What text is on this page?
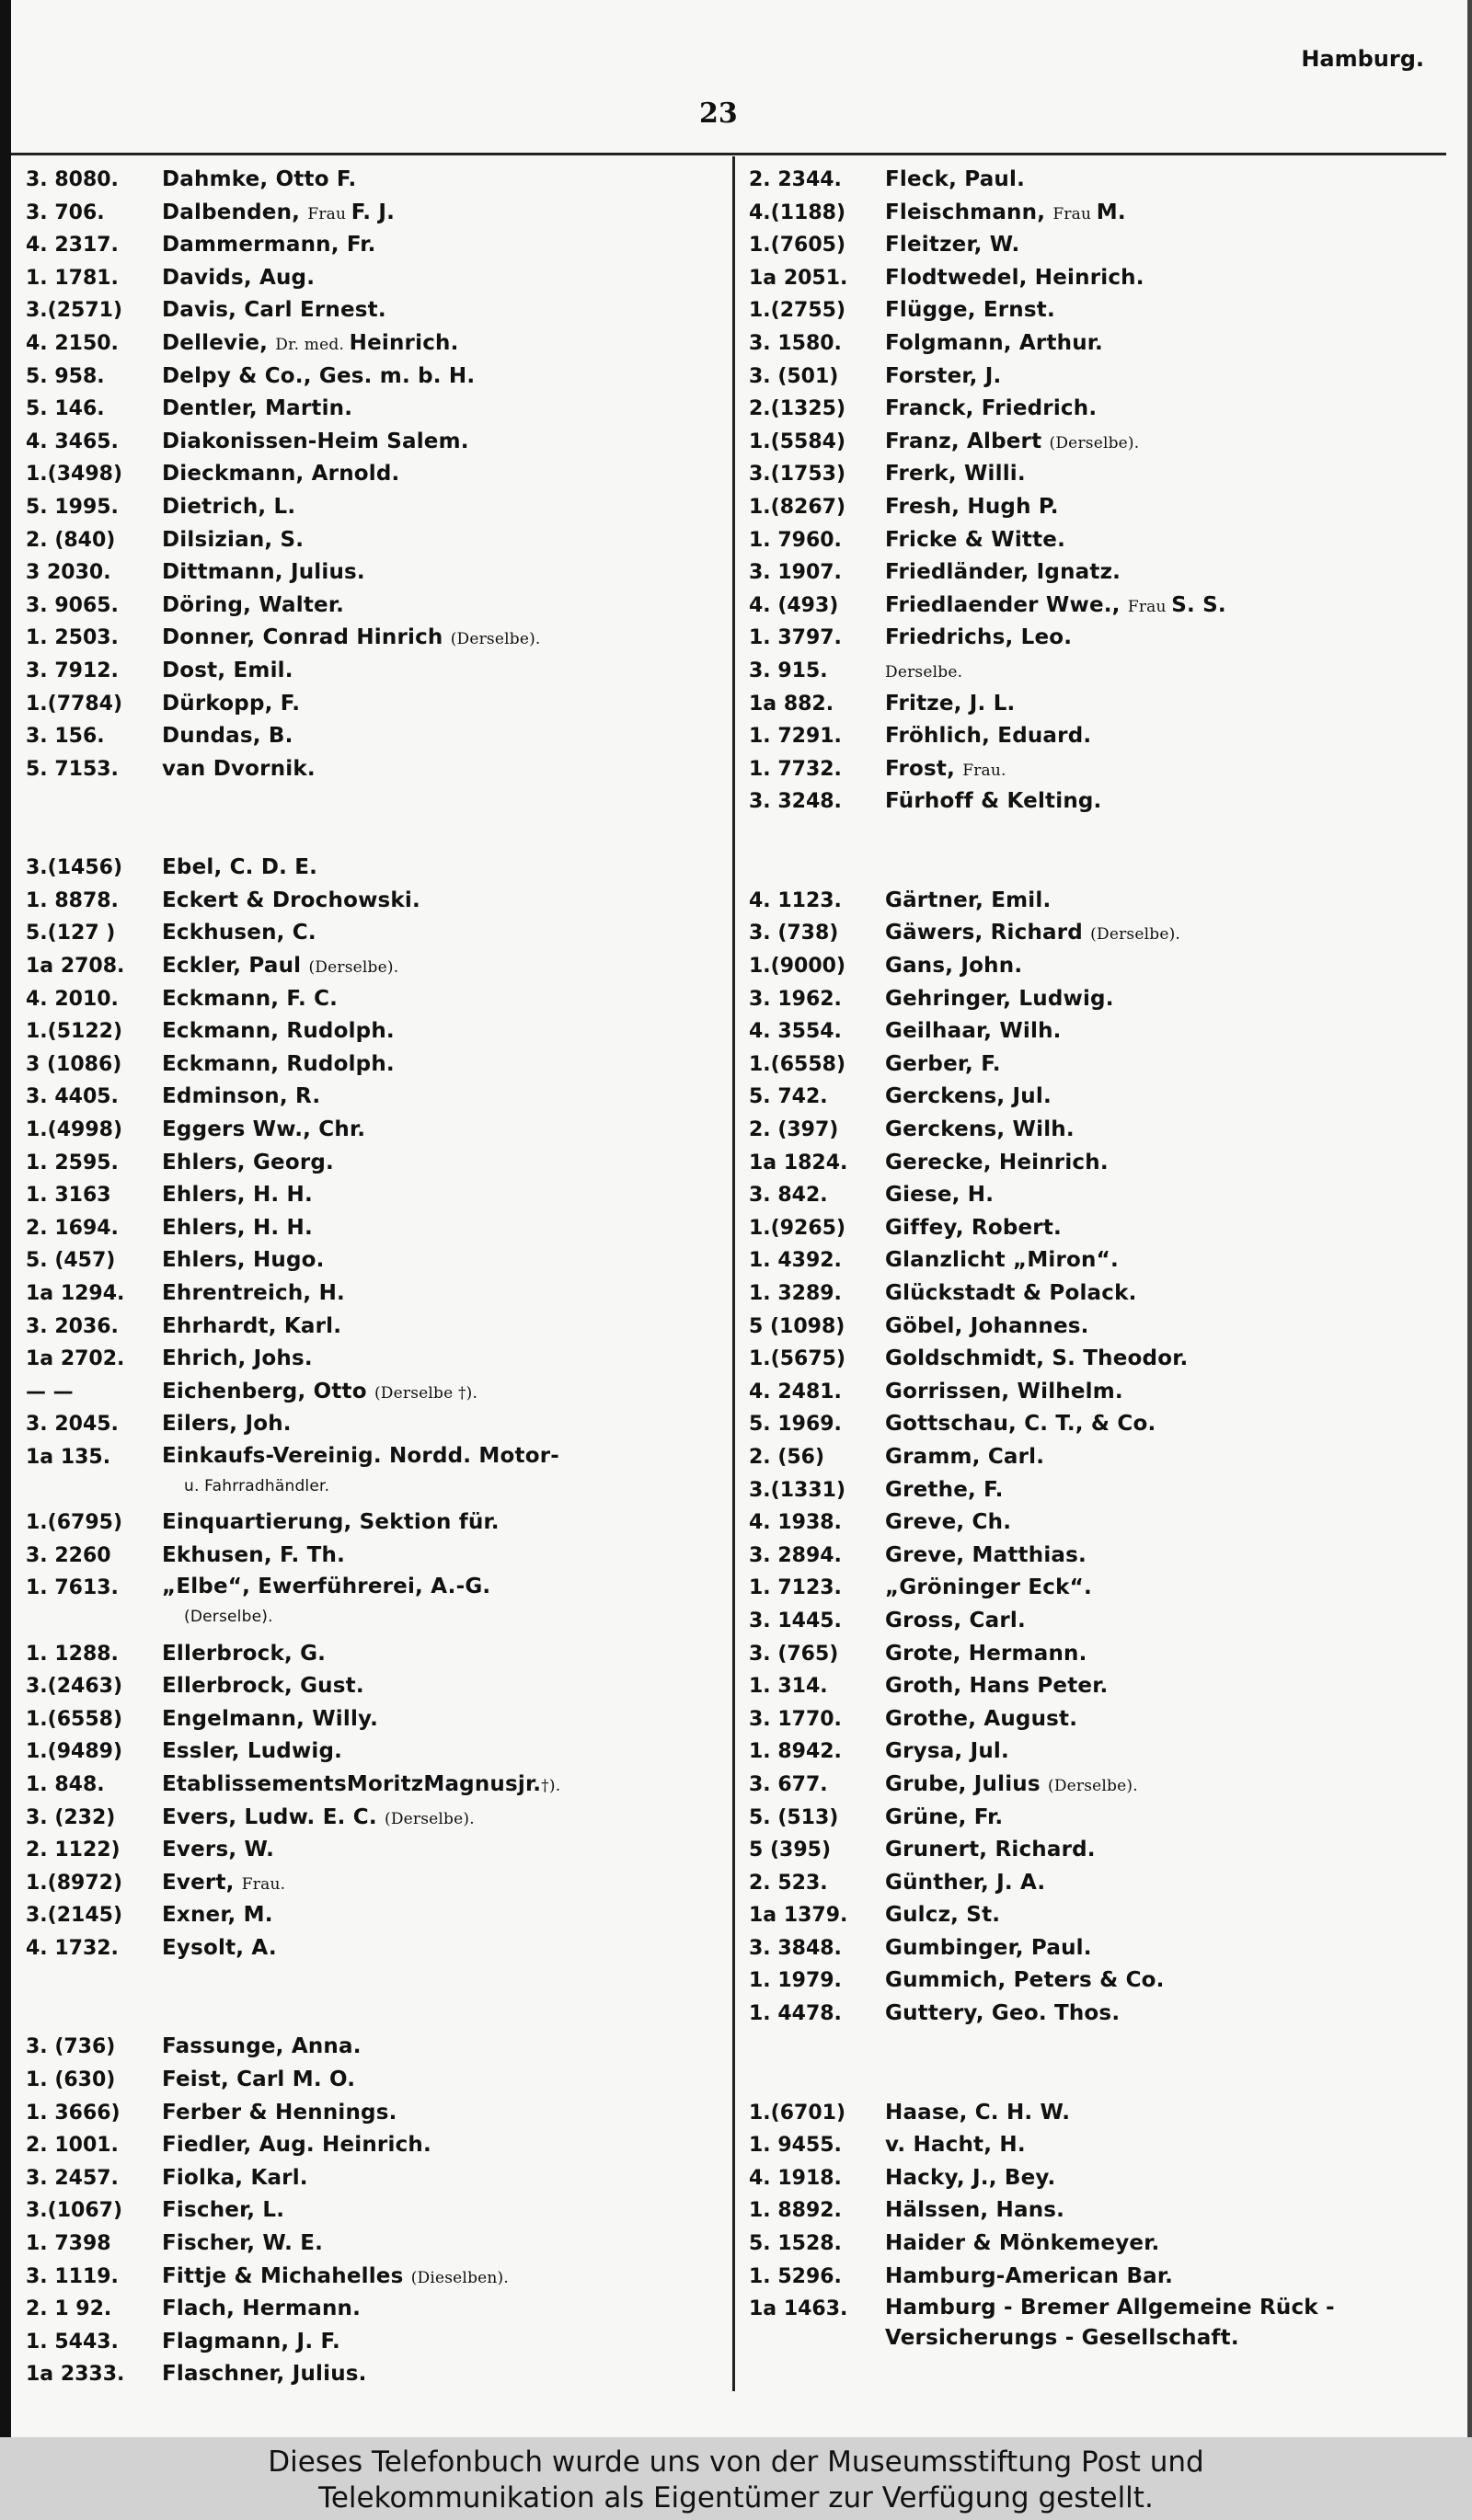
Hamburg.
23
3. 8080.	Dahmke, Otto F.
3. 706.	Dalbenden, Frau F. J.
4. 2317.	Dammermann, Fr.
1. 1781.	Davids, Aug.
3.(2571)	Davis, Carl Ernest.
4. 2150.	Dellevie, Dr. med. Heinrich.
5. 958.	Delpy & Co., Ges. m. b. H.
5. 146.	Dentler, Martin.
4. 3465.	Diakonissen-Heim Salem.
1.(3498)	Dieckmann, Arnold.
5. 1995.	Dietrich, L.
2. (840)	Dilsizian, S.
3 2030.	Dittmann, Julius.
3. 9065.	Döring, Walter.
1. 2503.	Donner, Conrad Hinrich (Derselbe).
3. 7912.	Dost, Emil.
1.(7784)	Dürkopp, F.
3. 156.	Dundas, B.
5. 7153.	van Dvornik.
3.(1456)	Ebel, C. D. E.
1. 8878.	Eckert & Drochowski.
5.(127 )	Eckhusen, C.
1a 2708.	Eckler, Paul (Derselbe).
4. 2010.	Eckmann, F. C.
1.(5122)	Eckmann, Rudolph.
3 (1086)	Eckmann, Rudolph.
3. 4405.	Edminson, R.
1.(4998)	Eggers Ww., Chr.
1. 2595.	Ehlers, Georg.
1. 3163	Ehlers, H. H.
2. 1694.	Ehlers, H. H.
5. (457)	Ehlers, Hugo.
1a 1294.	Ehrentreich, H.
3. 2036.	Ehrhardt, Karl.
1a 2702.	Ehrich, Johs.
— —	Eichenberg, Otto (Derselbe †).
3. 2045.	Eilers, Joh.
1a 135.	Einkaufs-Vereinig. Nordd. Motor-
u. Fahrradhändler.
1.(6795)	Einquartierung, Sektion für.
3. 2260	Ekhusen, F. Th.
1. 7613.	„Elbe“, Ewerführerei, A.-G.
(Derselbe).
1. 1288.	Ellerbrock, G.
3.(2463)	Ellerbrock, Gust.
1.(6558)	Engelmann, Willy.
1.(9489)	Essler, Ludwig.
1. 848.	EtablissementsMoritzMagnusjr.†).
3. (232)	Evers, Ludw. E. C. (Derselbe).
2. 1122)	Evers, W.
1.(8972)	Evert, Frau.
3.(2145)	Exner, M.
4. 1732.	Eysolt, A.
3. (736)	Fassunge, Anna.
1. (630)	Feist, Carl M. O.
1. 3666)	Ferber & Hennings.
2. 1001.	Fiedler, Aug. Heinrich.
3. 2457.	Fiolka, Karl.
3.(1067)	Fischer, L.
1. 7398	Fischer, W. E.
3. 1119.	Fittje & Michahelles (Dieselben).
2. 1 92.	Flach, Hermann.
1. 5443.	Flagmann, J. F.
1a 2333.	Flaschner, Julius.
2. 2344.	Fleck, Paul.
4.(1188)	Fleischmann, Frau M.
1.(7605)	Fleitzer, W.
1a 2051.	Flodtwedel, Heinrich.
1.(2755)	Flügge, Ernst.
3. 1580.	Folgmann, Arthur.
3. (501)	Forster, J.
2.(1325)	Franck, Friedrich.
1.(5584)	Franz, Albert (Derselbe).
3.(1753)	Frerk, Willi.
1.(8267)	Fresh, Hugh P.
1. 7960.	Fricke & Witte.
3. 1907.	Friedländer, Ignatz.
4. (493)	Friedlaender Wwe., Frau S. S.
1. 3797.	Friedrichs, Leo.
3. 915.	Derselbe.
1a 882.	Fritze, J. L.
1. 7291.	Fröhlich, Eduard.
1. 7732.	Frost, Frau.
3. 3248.	Fürhoff & Kelting.
4. 1123.	Gärtner, Emil.
3. (738)	Gäwers, Richard (Derselbe).
1.(9000)	Gans, John.
3. 1962.	Gehringer, Ludwig.
4. 3554.	Geilhaar, Wilh.
1.(6558)	Gerber, F.
5. 742.	Gerckens, Jul.
2. (397)	Gerckens, Wilh.
1a 1824.	Gerecke, Heinrich.
3. 842.	Giese, H.
1.(9265)	Giffey, Robert.
1. 4392.	Glanzlicht „Miron“.
1. 3289.	Glückstadt & Polack.
5 (1098)	Göbel, Johannes.
1.(5675)	Goldschmidt, S. Theodor.
4. 2481.	Gorrissen, Wilhelm.
5. 1969.	Gottschau, C. T., & Co.
2. (56)	Gramm, Carl.
3.(1331)	Grethe, F.
4. 1938.	Greve, Ch.
3. 2894.	Greve, Matthias.
1. 7123.	„Gröninger Eck“.
3. 1445.	Gross, Carl.
3. (765)	Grote, Hermann.
1. 314.	Groth, Hans Peter.
3. 1770.	Grothe, August.
1. 8942.	Grysa, Jul.
3. 677.	Grube, Julius (Derselbe).
5. (513)	Grüne, Fr.
5 (395)	Grunert, Richard.
2. 523.	Günther, J. A.
1a 1379.	Gulcz, St.
3. 3848.	Gumbinger, Paul.
1. 1979.	Gummich, Peters & Co.
1. 4478.	Guttery, Geo. Thos.
1.(6701)	Haase, C. H. W.
1. 9455.	v. Hacht, H.
4. 1918.	Hacky, J., Bey.
1. 8892.	Hälssen, Hans.
5. 1528.	Haider & Mönkemeyer.
1. 5296.	Hamburg-American Bar.
1a 1463.	Hamburg - Bremer Allgemeine Rück - Versicherungs - Gesellschaft.
Dieses Telefonbuch wurde uns von der Museumsstiftung Post und
Telekommunikation als Eigentümer zur Verfügung gestellt.
